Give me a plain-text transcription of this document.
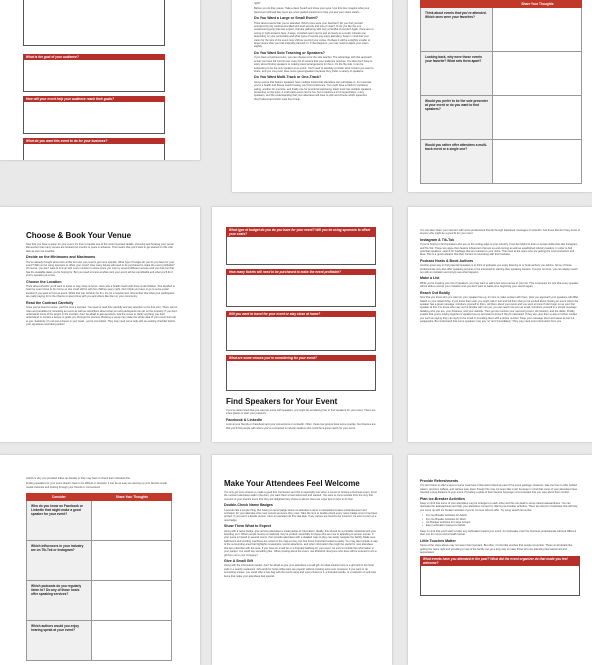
What is the goal of your audience?
How will your event help your audience reach their goals?
What do you want this event to do for your business?
right?
Before you do that, pause. Take a deep breath and close your eyes. Use this time imagine what your ideal event will look like. Here are a few guided questions to help you see your vision clearly...
Do You Want a Large or Small Event?
Think about events that you've attended. Which ones were your favorites? Do you find yourself energized by big conferences filled with loud sounds and lots of noise? Or do you like the one mastermind group that was a quiet, intimate gathering with only a handful of people? Again, there are no wrong or right answers here. A large, crowded event can be just as lovely as a small, intimate one depending on your personality and what types of events you enjoy attending. Keep in mind that your vision for the size of the event may shift as you find your venue. Perhaps it will be a slightly smaller or larger space than you had originally planned on. If that happens, you may need to adjust your vision slightly.
Do You Want Solo Teaching or Speakers?
If you have a business team, you can choose to be the sole teacher. The advantage with this approach is that you have full control over every bit of content that your audience receives. You also don't have to worry about finding speakers or making travel arrangements for them. On the flip side, it can be exhausting to be the only speaker at an event. You'll need to carefully consider what content you want to share, and you may even have some guest speakers because they prefer a variety of speakers.
Do You Want Multi-Track or One-Track?
Some events that feature speakers have multiple tracks that attendees can participate in. For example, you're a health and fitness coach hosting your first conference. You might have a track for nutritious eating, another for exercise, and finally one for emotional well-being. Each track has multiple speakers presenting on the topic. A multi-track event can be fun, but it requires a lot of organization, many speakers, and the understanding that your attendees will have to pick and choose which speeches they'll attend and which ones they'll skip.
Share Your Thoughts
Think about events that you've attended. Which ones were your favorites?
Looking back, why were those events your favorite? What sets them apart?
Would you prefer to be the sole presenter at your event or do you want to find speakers?
Would you rather offer attendees a multi-track event or a single one?
Choose & Book Your Venue
Now that you have a vision for your event, it's time to handle one of the most important details: choosing and booking your venue. Remember that many venues are booked out months to years in advance. This means that you'll want to get started on this vital task as soon as possible.
Decide on the Minimums and Maximums
You've already thought about size a little but now you need to get more specific. What type of budget do you do you have for your event? Will you be using sponsors to offset your costs? How many tickets will need to be purchased to make the event profitable? Of course, you don't want to end up with more numbers in stone since you may try several different venues until you find one that has the available dates you're hoping for. But you need to know at what point your event will be unprofitable and what you'll do if you're operating at a loss.
Choose the Location
Think about whether you'll want to travel or stay close at home. Jane was a health coach with three small children. She decided to host her event close to her home so she could still be with her children every night. Don't think you have to go to some exotic location if you want to host an event. While that can certainly be fun, it's not a requirement. Remember that what your participants are really paying for is the chance to spend time with you and others like them in your community.
Read the Contract Carefully
Once you've found a venue, you'll be sent a contract. You need to read this carefully and pay attention to the fine print. There can be rules and penalties for canceling an event as well as restrictions about what you and participants can do on the property. If you don't understand some of the jargon in the contract, don't be afraid to ask questions. Ask the venue to clarify anything you don't understand or contact a lawyer to guide you through the process. Booking a venue can make the whole idea of your event feel real to you. Suddenly, it's not just a dream in your head - you're committed. They may need some help with an existing checklist before your signatures and taking action!
What type of budget do you do you have for your event? Will you be using sponsors to offset your costs?
How many tickets will need to be purchased to make the event profitable?
Will you want to travel for your event or stay close at home?
What are some venues you're considering for your event?
Find Speakers for Your Event
If you've determined that you want an event with speakers, you might be wondering how to find speakers for your event. There are a few places to start your research...
Facebook & LinkedIn
Look at your friends on Facebook and your connections on LinkedIn. Often, these two groups have some overlap, but chances are that you'll find people with whom you've connected in industry leaders who could be a great match for your event.
You can also share your intention with a few professional friends through Facebook messages or LinkedIn. Ask those friends if they know of anyone who might be a good fit for your event.
Instagram & Tik-Tok
If you're hoping to find speakers who are on the cutting edge of your industry, it can be helpful to look on social media sites like Instagram and Tik-Tok. These two apps often feature influencers that are up-and-coming as well as established industry leaders. In order to find potential speakers, search for hashtags that are relevant to your niche. Then look at the users who are getting the most interaction and likes. This is a good indicator that their content is resonating with their fanbase.
Podcast Hosts & Book Authors
Another great way to find potential speakers is to think of podcasts you enjoy listening to or book authors you admire. Some of these professionals may also offer speaking services or be interested in starting their speaking careers. If you're not sure, you can always reach out with an invitation and simply see what happens.
Make a List
While you're creating your list of speakers, you may want to add a few extra names to your list. This is because it's rare that every speaker will be able to accept your invitation and you don't want to waste time beginning your search again.
Reach Out Boldly
Now that you know who you want on your speaker line-up, it's time to make contact with them. How you approach your speakers will differ based on your relationship. If you know them well, you might call or text and tell them that you're excited about hosting an event where the speaker has a great message. Introduce yourself to them, tell them about your event and you want to know if she'd sign on as your first speaker at this. For those who may not be familiar with you yet, you can reach out over an email. Introduce yourself in a simple message detailing who you are, your business, and your website. Then go into mention your upcoming event, the location, and the dates. Finally, explain that you're putting together a speaker line-up and want to know if they're interested. If they are, give them a way to further contact you such as saying they can reply to the email or providing them with a phone number. Keep your message short and sweet at just 3-4 paragraphs. But understand that some speakers may say 'no' and 'immediately.' They may need more information from you.
(which is why you provided follow up details) or they may have to check their schedule first.
Finding speakers for your event doesn't have to be difficult or stressful. It can be as easy as opening up your favorite social media channels and looking through your friends or connections!
Consider	Share Your Thoughts
Who do you know on Facebook or LinkedIn that might make a good speaker for your event?
Which influencers in your industry are on Tik-Tok or Instagram?
Which podcasts do you regularly listen to? Do any of those hosts offer speaking services?
Which authors would you enjoy hearing speak at your event?
Make Your Attendees Feel Welcome
You only get once chance to make a good first impression and this is especially true when it comes to hosting a business event. From the moment attendees walk in the door, you want them to feel welcomed and wanted. You want to communicate from the very first moment of your brand's event that they are delighted they chose to attend. Here are a few tips on how to do that.
Double-Check Name Badges
It sounds like a simple thing. But having a name badge where an attendee's name is misspelled creates embarrassment and confusion for your attendee who must correct someone they meet. Take the time to double-check every name badge once it has been printed. If you aren't a details person, have an assistant do this vital task. If any names are found to be incorrect, be sure to print up a new badge.
Show Them What to Expect
Along with a name badge, give arriving attendees a small packet of information. Ideally, this should be a printable notebook with your branding on it. When people receive a notebook, they're excited, especially for those who are new to attending in-person events. If your event is hosted in several rooms, then provide attendees with a detailed map so they can easily navigate the facility. Make sure bathrooms and vending machines are noted on the map so they can find these important locations easily. You may also include a map of the surrounding area that highlights restaurants, tourist attractions, and other information that might be useful for new attendees that are unfamiliar with the area. If you have an email list or a branded hashtag for your event, be sure to include this information in your packet. You could say something like, 'When posting about the event, use #thisclub. Everyone who does will be entered to win a gift from us to your company!'
Give A Small Gift
Along with the information packet, don't be afraid to give your attendees a small gift. An ideal solution here is a gift card to the hotel café or a nearby restaurant. Gift cards for hotel coffee bars are popular without creating extra cost. However, if you want to do something unique, you could offer a tote bag with the event name and your printed on it, a branded candle, or a selection of self-care items that make your attendees feel special.
Provide Refreshments
You don't have to offer a seven-course meal here if that wasn't listed as part of the event package. However, take the time to offer bottled waters, premium coffees, and various teas. Even though this may not seem like much but keep in mind that some of your attendees have traveled a long distance to your event. Providing a glass of their favorite beverage communicates that you care about their comfort.
Plan Ice-Breaker Activities
Keep in mind that some of your attendees may be strangers to each other and this can lead to some natural awkwardness. You can decrease the awkwardness and help your attendees connect by offering ice-breaker activities. There are dozens of websites that will help you come up with ice breaker activities if you're not sure what to offer. Try using search terms like:
• Fun Ice Breaker Activities for Adults
• Fun Ice Breaker Activities for Work
• Ice Breaker Activities for Large Groups
• Easy Icebreaker Games for Adults
Keep in mind that you'll want to tailor any icebreaker toward your event. An icebreaker event for business professionals will look different than one for moms and a health retreat.
Little Touches Matter
Some of the steps above may not seem that important. But often, it's the little touches that people remember. These small details like getting the name right and providing a map of the facility can go a long way to make those who are attending feel welcomed and appreciated.
What events have you attended in the past? What did the event organizer do that made you feel welcome?
